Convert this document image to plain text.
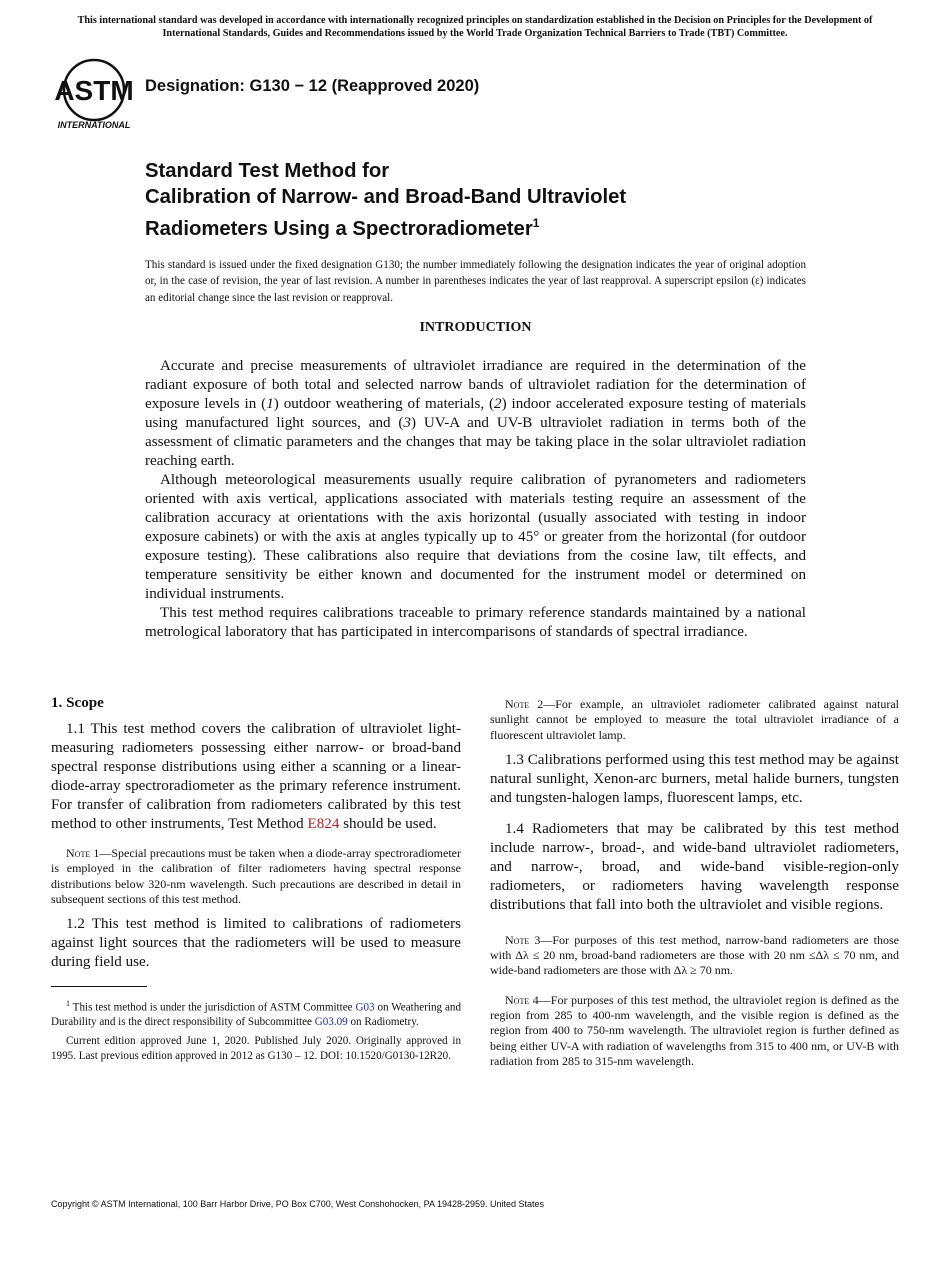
This international standard was developed in accordance with internationally recognized principles on standardization established in the Decision on Principles for the Development of International Standards, Guides and Recommendations issued by the World Trade Organization Technical Barriers to Trade (TBT) Committee.
ASTM
INTERNATIONAL
Designation: G130 − 12 (Reapproved 2020)
Standard Test Method for
Calibration of Narrow- and Broad-Band Ultraviolet
Radiometers Using a Spectroradiometer$^1$
This standard is issued under the fixed designation G130; the number immediately following the designation indicates the year of original adoption or, in the case of revision, the year of last revision. A number in parentheses indicates the year of last reapproval. A superscript epsilon (ε) indicates an editorial change since the last revision or reapproval.
INTRODUCTION

Accurate and precise measurements of ultraviolet irradiance are required in the determination of the radiant exposure of both total and selected narrow bands of ultraviolet radiation for the determination of exposure levels in (1) outdoor weathering of materials, (2) indoor accelerated exposure testing of materials using manufactured light sources, and (3) UV-A and UV-B ultraviolet radiation in terms both of the assessment of climatic parameters and the changes that may be taking place in the solar ultraviolet radiation reaching earth.

Although meteorological measurements usually require calibration of pyranometers and radiometers oriented with axis vertical, applications associated with materials testing require an assessment of the calibration accuracy at orientations with the axis horizontal (usually associated with testing in indoor exposure cabinets) or with the axis at angles typically up to 45° or greater from the horizontal (for outdoor exposure testing). These calibrations also require that deviations from the cosine law, tilt effects, and temperature sensitivity be either known and documented for the instrument model or determined on individual instruments.

This test method requires calibrations traceable to primary reference standards maintained by a national metrological laboratory that has participated in intercomparisons of standards of spectral irradiance.

1. Scope

1.1 This test method covers the calibration of ultraviolet light-measuring radiometers possessing either narrow- or broad-band spectral response distributions using either a scanning or a linear-diode-array spectroradiometer as the primary reference instrument. For transfer of calibration from radiometers calibrated by this test method to other instruments, Test Method E824 should be used.

Note 1—Special precautions must be taken when a diode-array spectroradiometer is employed in the calibration of filter radiometers having spectral response distributions below 320-nm wavelength. Such precautions are described in detail in subsequent sections of this test method.

1.2 This test method is limited to calibrations of radiometers against light sources that the radiometers will be used to measure during field use.

$^1$ This test method is under the jurisdiction of ASTM Committee G03 on Weathering and Durability and is the direct responsibility of Subcommittee G03.09 on Radiometry.

Current edition approved June 1, 2020. Published July 2020. Originally approved in 1995. Last previous edition approved in 2012 as G130 – 12. DOI: 10.1520/G0130-12R20.

Note 2—For example, an ultraviolet radiometer calibrated against natural sunlight cannot be employed to measure the total ultraviolet irradiance of a fluorescent ultraviolet lamp.

1.3 Calibrations performed using this test method may be against natural sunlight, Xenon-arc burners, metal halide burners, tungsten and tungsten-halogen lamps, fluorescent lamps, etc.

1.4 Radiometers that may be calibrated by this test method include narrow-, broad-, and wide-band ultraviolet radiometers, and narrow-, broad, and wide-band visible-region-only radiometers, or radiometers having wavelength response distributions that fall into both the ultraviolet and visible regions.

Note 3—For purposes of this test method, narrow-band radiometers are those with Δλ ≤ 20 nm, broad-band radiometers are those with 20 nm ≤Δλ ≤ 70 nm, and wide-band radiometers are those with Δλ ≥ 70 nm.

Note 4—For purposes of this test method, the ultraviolet region is defined as the region from 285 to 400-nm wavelength, and the visible region is defined as the region from 400 to 750-nm wavelength. The ultraviolet region is further defined as being either UV-A with radiation of wavelengths from 315 to 400 nm, or UV-B with radiation from 285 to 315-nm wavelength.

Copyright © ASTM International, 100 Barr Harbor Drive, PO Box C700, West Conshohocken, PA 19428-2959. United States
